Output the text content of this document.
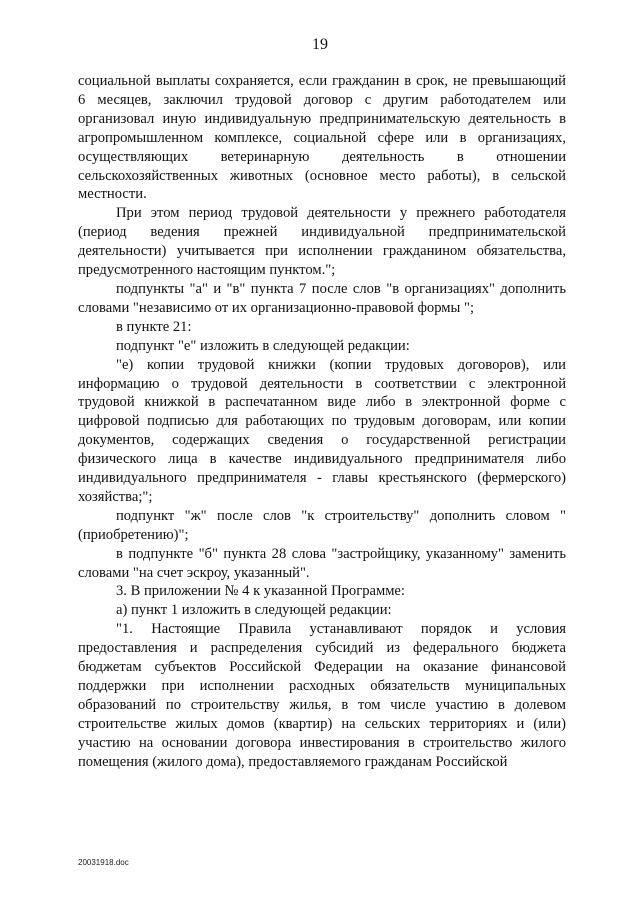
19

социальной выплаты сохраняется, если гражданин в срок, не превышающий 6 месяцев, заключил трудовой договор с другим работодателем или организовал иную индивидуальную предпринимательскую деятельность в агропромышленном комплексе, социальной сфере или в организациях, осуществляющих ветеринарную деятельность в отношении сельскохозяйственных животных (основное место работы), в сельской местности.

При этом период трудовой деятельности у прежнего работодателя (период ведения прежней индивидуальной предпринимательской деятельности) учитывается при исполнении гражданином обязательства, предусмотренного настоящим пунктом.";

подпункты "а" и "в" пункта 7 после слов "в организациях" дополнить словами "независимо от их организационно-правовой формы ";

в пункте 21:

подпункт "е" изложить в следующей редакции:

"е) копии трудовой книжки (копии трудовых договоров), или информацию о трудовой деятельности в соответствии с электронной трудовой книжкой в распечатанном виде либо в электронной форме с цифровой подписью для работающих по трудовым договорам, или копии документов, содержащих сведения о государственной регистрации физического лица в качестве индивидуального предпринимателя либо индивидуального предпринимателя - главы крестьянского (фермерского) хозяйства;";

подпункт "ж" после слов "к строительству" дополнить словом "(приобретению)";

в подпункте "б" пункта 28 слова "застройщику, указанному" заменить словами "на счет эскроу, указанный".

3. В приложении № 4 к указанной Программе:

а) пункт 1 изложить в следующей редакции:

"1. Настоящие Правила устанавливают порядок и условия предоставления и распределения субсидий из федерального бюджета бюджетам субъектов Российской Федерации на оказание финансовой поддержки при исполнении расходных обязательств муниципальных образований по строительству жилья, в том числе участию в долевом строительстве жилых домов (квартир) на сельских территориях и (или) участию на основании договора инвестирования в строительство жилого помещения (жилого дома), предоставляемого гражданам Российской

20031918.doc
